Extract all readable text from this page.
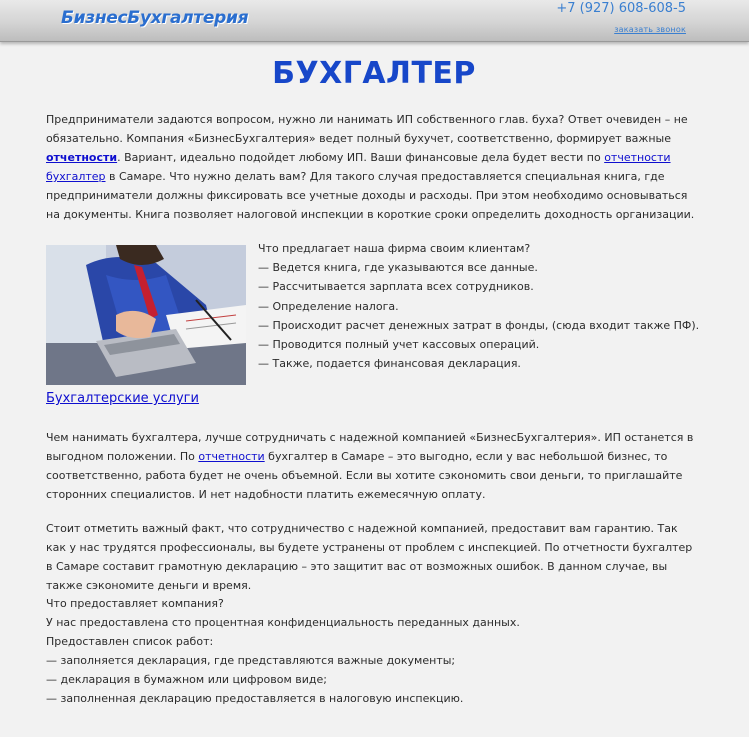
БизнесБухгалтерия	+7 (927) 608-608-5
заказать звонок
БУХГАЛТЕР

Предприниматели задаются вопросом, нужно ли нанимать ИП собственного глав. буха? Ответ очевиден – не обязательно. Компания «БизнесБухгалтерия» ведет полный бухучет, соответственно, формирует важные отчетности. Вариант, идеально подойдет любому ИП. Ваши финансовые дела будет вести по отчетности бухгалтер в Самаре. Что нужно делать вам? Для такого случая предоставляется специальная книга, где предприниматели должны фиксировать все учетные доходы и расходы. При этом необходимо основываться на документы. Книга позволяет налоговой инспекции в короткие сроки определить доходность организации.

Что предлагает наша фирма своим клиентам?
— Ведется книга, где указываются все данные.
— Рассчитывается зарплата всех сотрудников.
— Определение налога.
— Происходит расчет денежных затрат в фонды, (сюда входит также ПФ).
— Проводится полный учет кассовых операций.
— Также, подается финансовая декларация.
Бухгалтерские услуги

Чем нанимать бухгалтера, лучше сотрудничать с надежной компанией «БизнесБухгалтерия». ИП останется в выгодном положении. По отчетности бухгалтер в Самаре – это выгодно, если у вас небольшой бизнес, то соответственно, работа будет не очень объемной. Если вы хотите сэкономить свои деньги, то приглашайте сторонних специалистов. И нет надобности платить ежемесячную оплату.

Стоит отметить важный факт, что сотрудничество с надежной компанией, предоставит вам гарантию. Так как у нас трудятся профессионалы, вы будете устранены от проблем с инспекцией. По отчетности бухгалтер в Самаре составит грамотную декларацию – это защитит вас от возможных ошибок. В данном случае, вы также сэкономите деньги и время.

Что предоставляет компания?
У нас предоставлена сто процентная конфиденциальность переданных данных.
Предоставлен список работ:
— заполняется декларация, где представляются важные документы;
— декларация в бумажном или цифровом виде;
— заполненная декларацию предоставляется в налоговую инспекцию.
